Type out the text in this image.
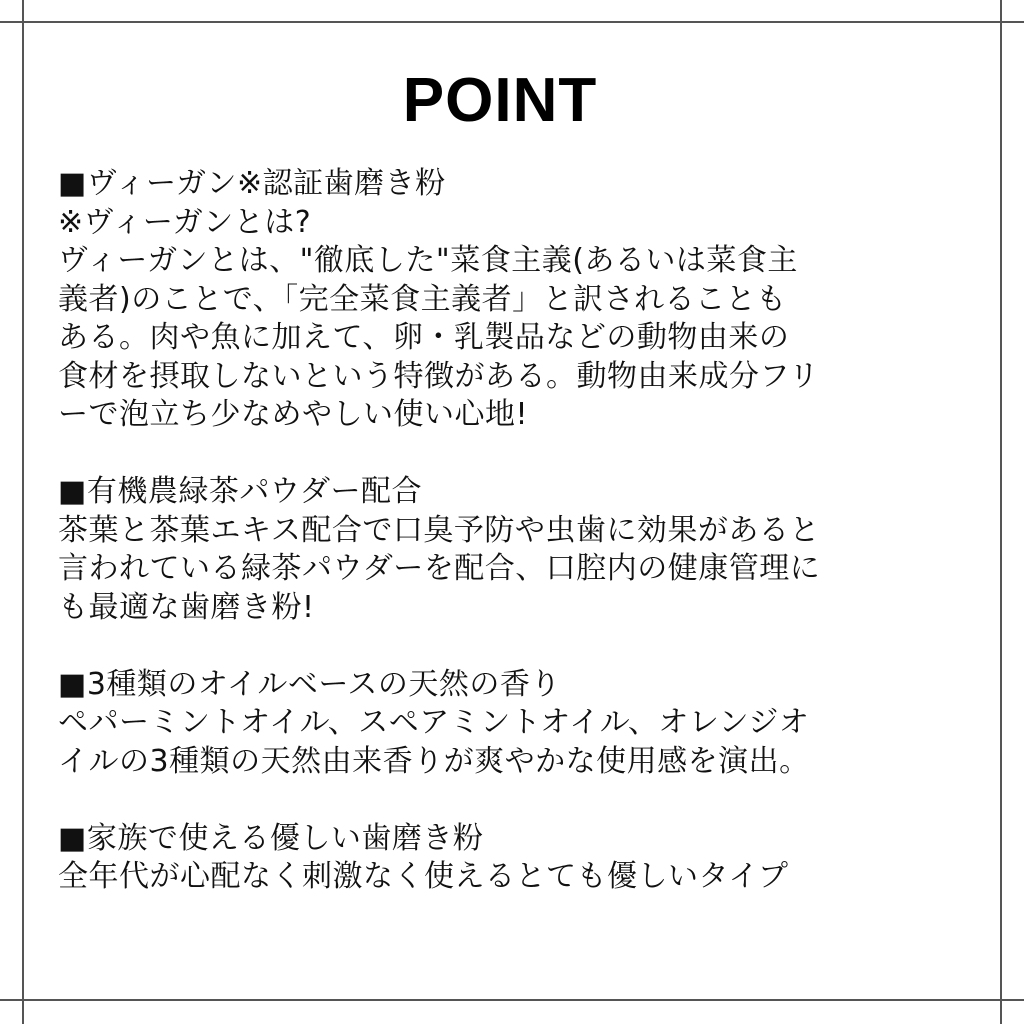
POINT
■ヴィーガン※認証歯磨き粉
※ヴィーガンとは?
ヴィーガンとは、"徹底した"菜食主義(あるいは菜食主
義者)のことで、「完全菜食主義者」と訳されることも
ある。肉や魚に加えて、卵・乳製品などの動物由来の
食材を摂取しないという特徴がある。動物由来成分フリ
ーで泡立ち少なめやしい使い心地!
■有機農緑茶パウダー配合
茶葉と茶葉エキス配合で口臭予防や虫歯に効果があると
言われている緑茶パウダーを配合、口腔内の健康管理に
も最適な歯磨き粉!
■3種類のオイルベースの天然の香り
ペパーミントオイル、スペアミントオイル、オレンジオ
イルの3種類の天然由来香りが爽やかな使用感を演出。
■家族で使える優しい歯磨き粉
全年代が心配なく刺激なく使えるとても優しいタイプ
